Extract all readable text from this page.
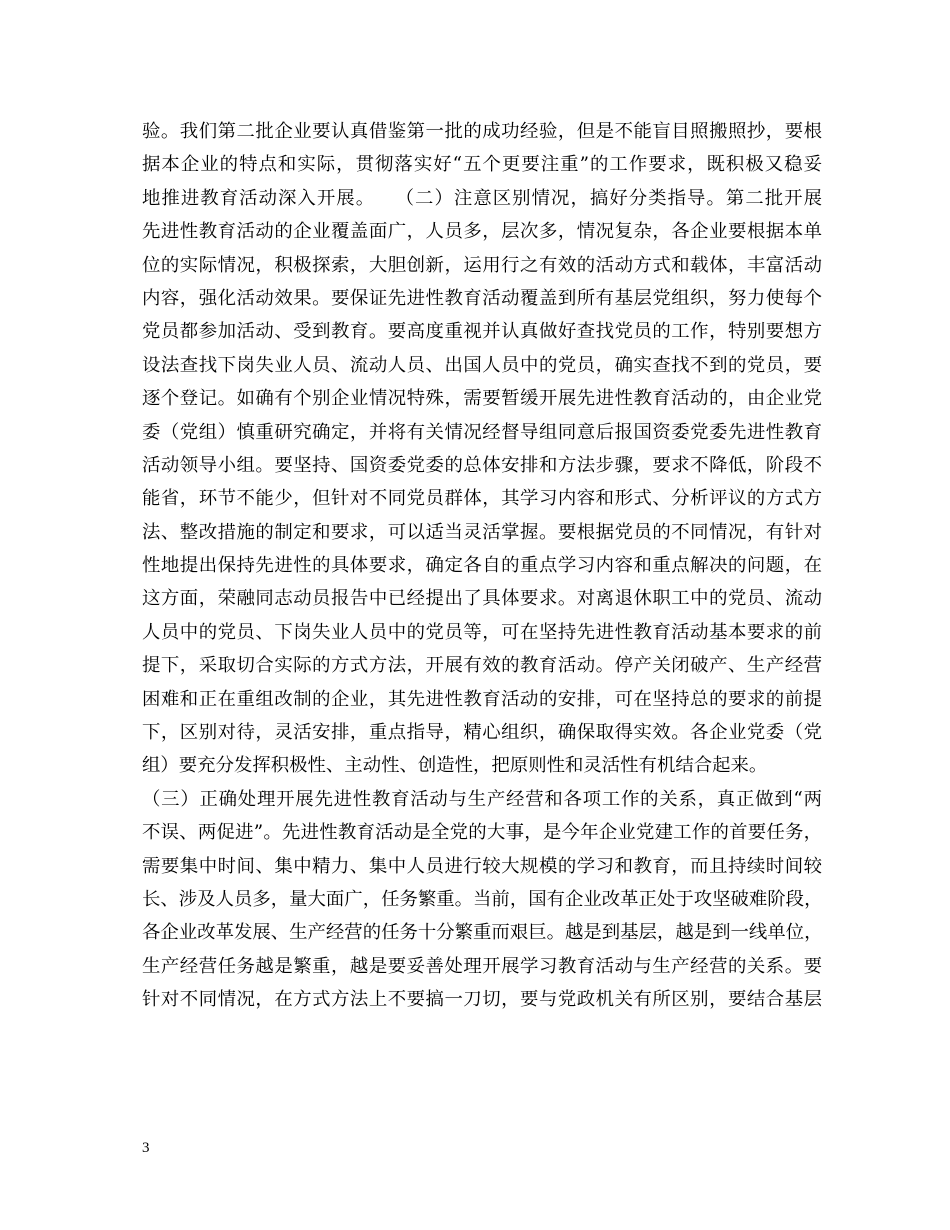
验。我们第二批企业要认真借鉴第一批的成功经验，但是不能盲目照搬照抄，要根
据本企业的特点和实际，贯彻落实好“五个更要注重”的工作要求，既积极又稳妥
地推进教育活动深入开展。　　（二）注意区别情况，搞好分类指导。第二批开展
先进性教育活动的企业覆盖面广，人员多，层次多，情况复杂，各企业要根据本单
位的实际情况，积极探索，大胆创新，运用行之有效的活动方式和载体，丰富活动
内容，强化活动效果。要保证先进性教育活动覆盖到所有基层党组织，努力使每个
党员都参加活动、受到教育。要高度重视并认真做好查找党员的工作，特别要想方
设法查找下岗失业人员、流动人员、出国人员中的党员，确实查找不到的党员，要
逐个登记。如确有个别企业情况特殊，需要暂缓开展先进性教育活动的，由企业党
委（党组）慎重研究确定，并将有关情况经督导组同意后报国资委党委先进性教育
活动领导小组。要坚持、国资委党委的总体安排和方法步骤，要求不降低，阶段不
能省，环节不能少，但针对不同党员群体，其学习内容和形式、分析评议的方式方
法、整改措施的制定和要求，可以适当灵活掌握。要根据党员的不同情况，有针对
性地提出保持先进性的具体要求，确定各自的重点学习内容和重点解决的问题，在
这方面，荣融同志动员报告中已经提出了具体要求。对离退休职工中的党员、流动
人员中的党员、下岗失业人员中的党员等，可在坚持先进性教育活动基本要求的前
提下，采取切合实际的方式方法，开展有效的教育活动。停产关闭破产、生产经营
困难和正在重组改制的企业，其先进性教育活动的安排，可在坚持总的要求的前提
下，区别对待，灵活安排，重点指导，精心组织，确保取得实效。各企业党委（党
组）要充分发挥积极性、主动性、创造性，把原则性和灵活性有机结合起来。
（三）正确处理开展先进性教育活动与生产经营和各项工作的关系，真正做到“两
不误、两促进”。先进性教育活动是全党的大事，是今年企业党建工作的首要任务，
需要集中时间、集中精力、集中人员进行较大规模的学习和教育，而且持续时间较
长、涉及人员多，量大面广，任务繁重。当前，国有企业改革正处于攻坚破难阶段，
各企业改革发展、生产经营的任务十分繁重而艰巨。越是到基层，越是到一线单位，
生产经营任务越是繁重，越是要妥善处理开展学习教育活动与生产经营的关系。要
针对不同情况，在方式方法上不要搞一刀切，要与党政机关有所区别，要结合基层
3
